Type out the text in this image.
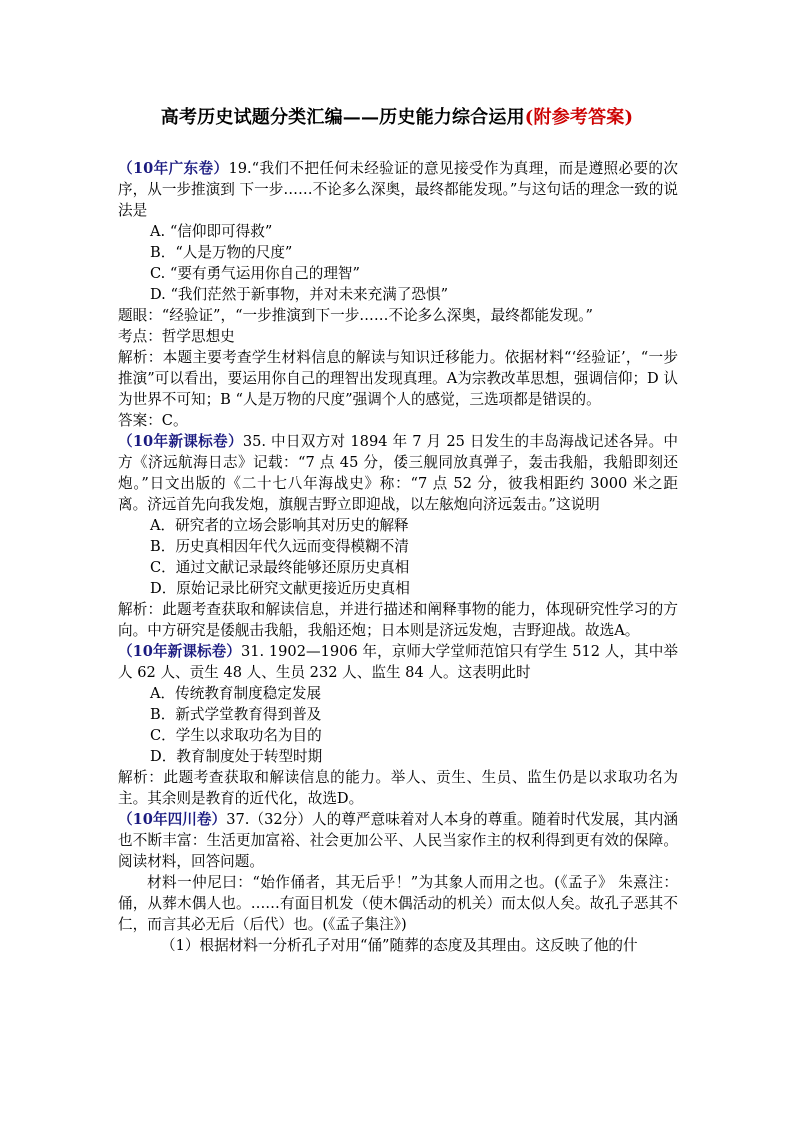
高考历史试题分类汇编——历史能力综合运用(附参考答案)

（10年广东卷）19.“我们不把任何未经验证的意见接受作为真理，而是遵照必要的次序，从一步推演到 下一步……不论多么深奥，最终都能发现。”与这句话的理念一致的说法是

A. “信仰即可得救”

B．“人是万物的尺度”

C. “要有勇气运用你自己的理智”

D. “我们茫然于新事物，并对未来充满了恐惧”

题眼：“经验证”，“一步推演到下一步……不论多么深奥，最终都能发现。”

考点：哲学思想史

解析：本题主要考查学生材料信息的解读与知识迁移能力。依据材料“‘经验证’，“一步推演”可以看出，要运用你自己的理智出发现真理。A为宗教改革思想，强调信仰；D 认为世界不可知；B “人是万物的尺度”强调个人的感觉，三选项都是错误的。

答案：C。

（10年新课标卷）35. 中日双方对 1894 年 7 月 25 日发生的丰岛海战记述各异。中方《济远航海日志》记载：“7 点 45 分，倭三舰同放真弹子，轰击我船，我船即刻还炮。”日文出版的《二十七八年海战史》称：“7 点 52 分，彼我相距约 3000 米之距离。济远首先向我发炮，旗舰吉野立即迎战，以左舷炮向济远轰击。”这说明

A．研究者的立场会影响其对历史的解释

B．历史真相因年代久远而变得模糊不清

C．通过文献记录最终能够还原历史真相

D．原始记录比研究文献更接近历史真相

解析：此题考查获取和解读信息，并进行描述和阐释事物的能力，体现研究性学习的方向。中方研究是倭舰击我船，我船还炮；日本则是济远发炮，吉野迎战。故选A。

（10年新课标卷）31. 1902—1906 年，京师大学堂师范馆只有学生 512 人，其中举人 62 人、贡生 48 人、生员 232 人、监生 84 人。这表明此时

A．传统教育制度稳定发展

B．新式学堂教育得到普及

C．学生以求取功名为目的

D．教育制度处于转型时期

解析：此题考查获取和解读信息的能力。举人、贡生、生员、监生仍是以求取功名为主。其余则是教育的近代化，故选D。

（10年四川卷）37.（32分）人的尊严意味着对人本身的尊重。随着时代发展，其内涵也不断丰富：生活更加富裕、社会更加公平、人民当家作主的权利得到更有效的保障。阅读材料，回答问题。

材料一仲尼曰：“始作俑者，其无后乎！”为其象人而用之也。(《孟子》 朱熹注：俑，从葬木偶人也。……有面目机发（使木偶活动的机关）而太似人矣。故孔子恶其不仁，而言其必无后（后代）也。(《孟子集注》)

（1）根据材料一分析孔子对用“俑”随葬的态度及其理由。这反映了他的什
